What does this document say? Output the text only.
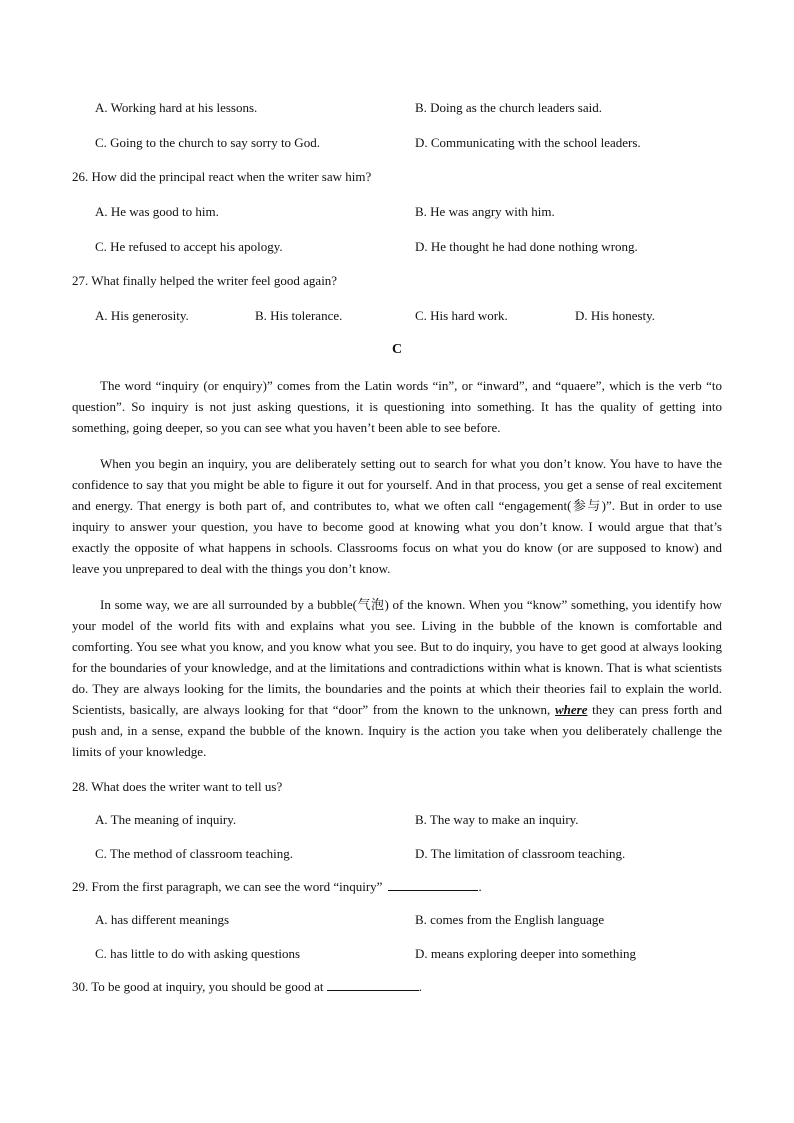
A. Working hard at his lessons.	B. Doing as the church leaders said.
C. Going to the church to say sorry to God.	D. Communicating with the school leaders.
26. How did the principal react when the writer saw him?
A. He was good to him.	B. He was angry with him.
C. He refused to accept his apology.	D. He thought he had done nothing wrong.
27. What finally helped the writer feel good again?
A. His generosity.	B. His tolerance.	C. His hard work.	D. His honesty.
C
The word “inquiry (or enquiry)” comes from the Latin words “in”, or “inward”, and “quaere”, which is the verb “to question”. So inquiry is not just asking questions, it is questioning into something. It has the quality of getting into something, going deeper, so you can see what you haven’t been able to see before.
When you begin an inquiry, you are deliberately setting out to search for what you don’t know. You have to have the confidence to say that you might be able to figure it out for yourself. And in that process, you get a sense of real excitement and energy. That energy is both part of, and contributes to, what we often call “engagement(参与)”. But in order to use inquiry to answer your question, you have to become good at knowing what you don’t know. I would argue that that’s exactly the opposite of what happens in schools. Classrooms focus on what you do know (or are supposed to know) and leave you unprepared to deal with the things you don’t know.
In some way, we are all surrounded by a bubble(气泡) of the known. When you “know” something, you identify how your model of the world fits with and explains what you see. Living in the bubble of the known is comfortable and comforting. You see what you know, and you know what you see. But to do inquiry, you have to get good at always looking for the boundaries of your knowledge, and at the limitations and contradictions within what is known. That is what scientists do. They are always looking for the limits, the boundaries and the points at which their theories fail to explain the world. Scientists, basically, are always looking for that “door” from the known to the unknown, where they can press forth and push and, in a sense, expand the bubble of the known. Inquiry is the action you take when you deliberately challenge the limits of your knowledge.
28. What does the writer want to tell us?
A. The meaning of inquiry.	B. The way to make an inquiry.
C. The method of classroom teaching.	D. The limitation of classroom teaching.
29. From the first paragraph, we can see the word “inquiry”	.
A. has different meanings	B. comes from the English language
C. has little to do with asking questions	D. means exploring deeper into something
30. To be good at inquiry, you should be good at	.
